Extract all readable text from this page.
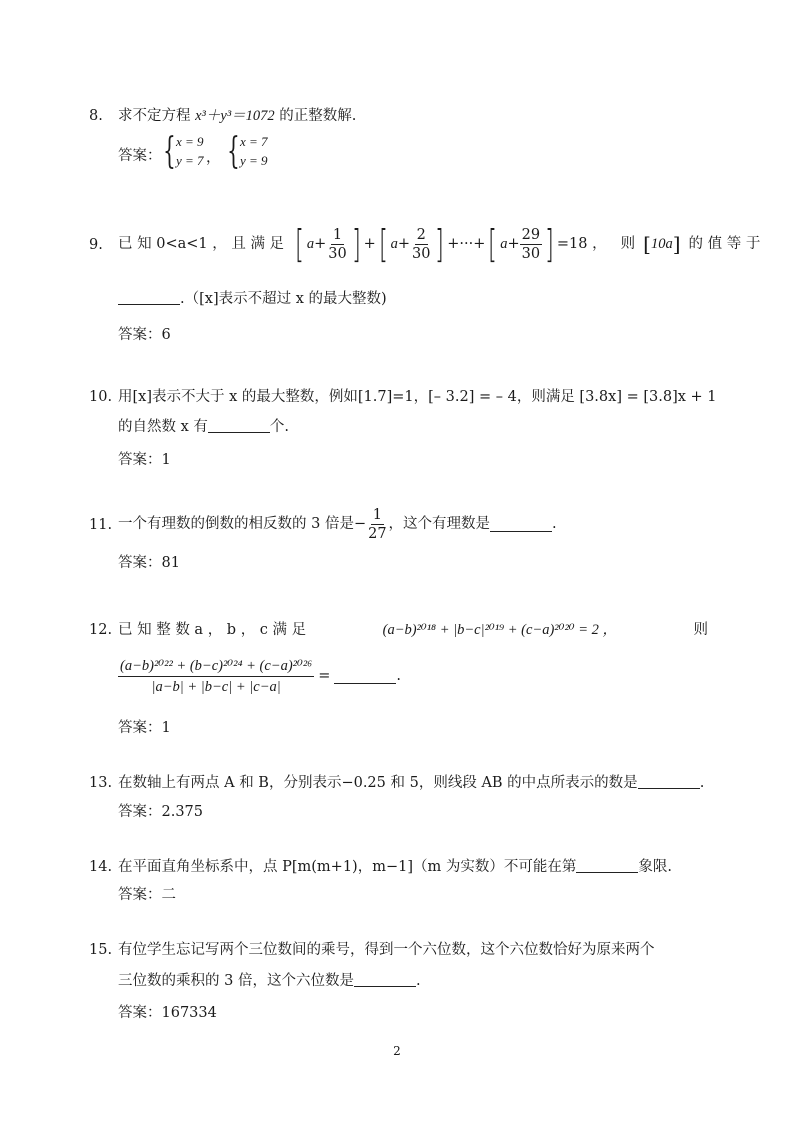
8. 求不定方程 x³＋y³＝1072 的正整数解.
答案： { x = 9
y = 7 ， { x = 7
y = 9
9. 已 知 0<a<1 ， 且 满 足 [ $a + \frac{1}{30}$ ] + [ $a + \frac{2}{30}$ ] +···+ [ $a + \frac{29}{30}$ ] =18 ， 则 [ 10a ] 的 值 等 于
.（[x]表示不超过 x 的最大整数)
答案：6
10. 用[x]表示不大于 x 的最大整数，例如[1.7]=1，[– 3.2] = – 4，则满足 [3.8x] = [3.8]x + 1
的自然数 x 有	个.
答案：1
11. 一个有理数的倒数的相反数的 3 倍是− $\frac{1}{27}$ ，这个有理数是	.
答案：81
12. 已 知 整 数 a ， b ， c 满 足	(a−b)²⁰¹⁸ + |b−c|²⁰¹⁹ + (c−a)²⁰²⁰ = 2 ，	则
$\frac{\text{(a−b)²⁰²² + (b−c)²⁰²⁴ + (c−a)²⁰²⁶}}{|a-b| + |b-c| + |c-a|}$ =	.
答案：1
13. 在数轴上有两点 A 和 B，分别表示−0.25 和 5，则线段 AB 的中点所表示的数是	.
答案：2.375
14. 在平面直角坐标系中，点 P[m(m+1)，m−1]（m 为实数）不可能在第	象限.
答案：二
15. 有位学生忘记写两个三位数间的乘号，得到一个六位数，这个六位数恰好为原来两个
三位数的乘积的 3 倍，这个六位数是	.
答案：167334
2
